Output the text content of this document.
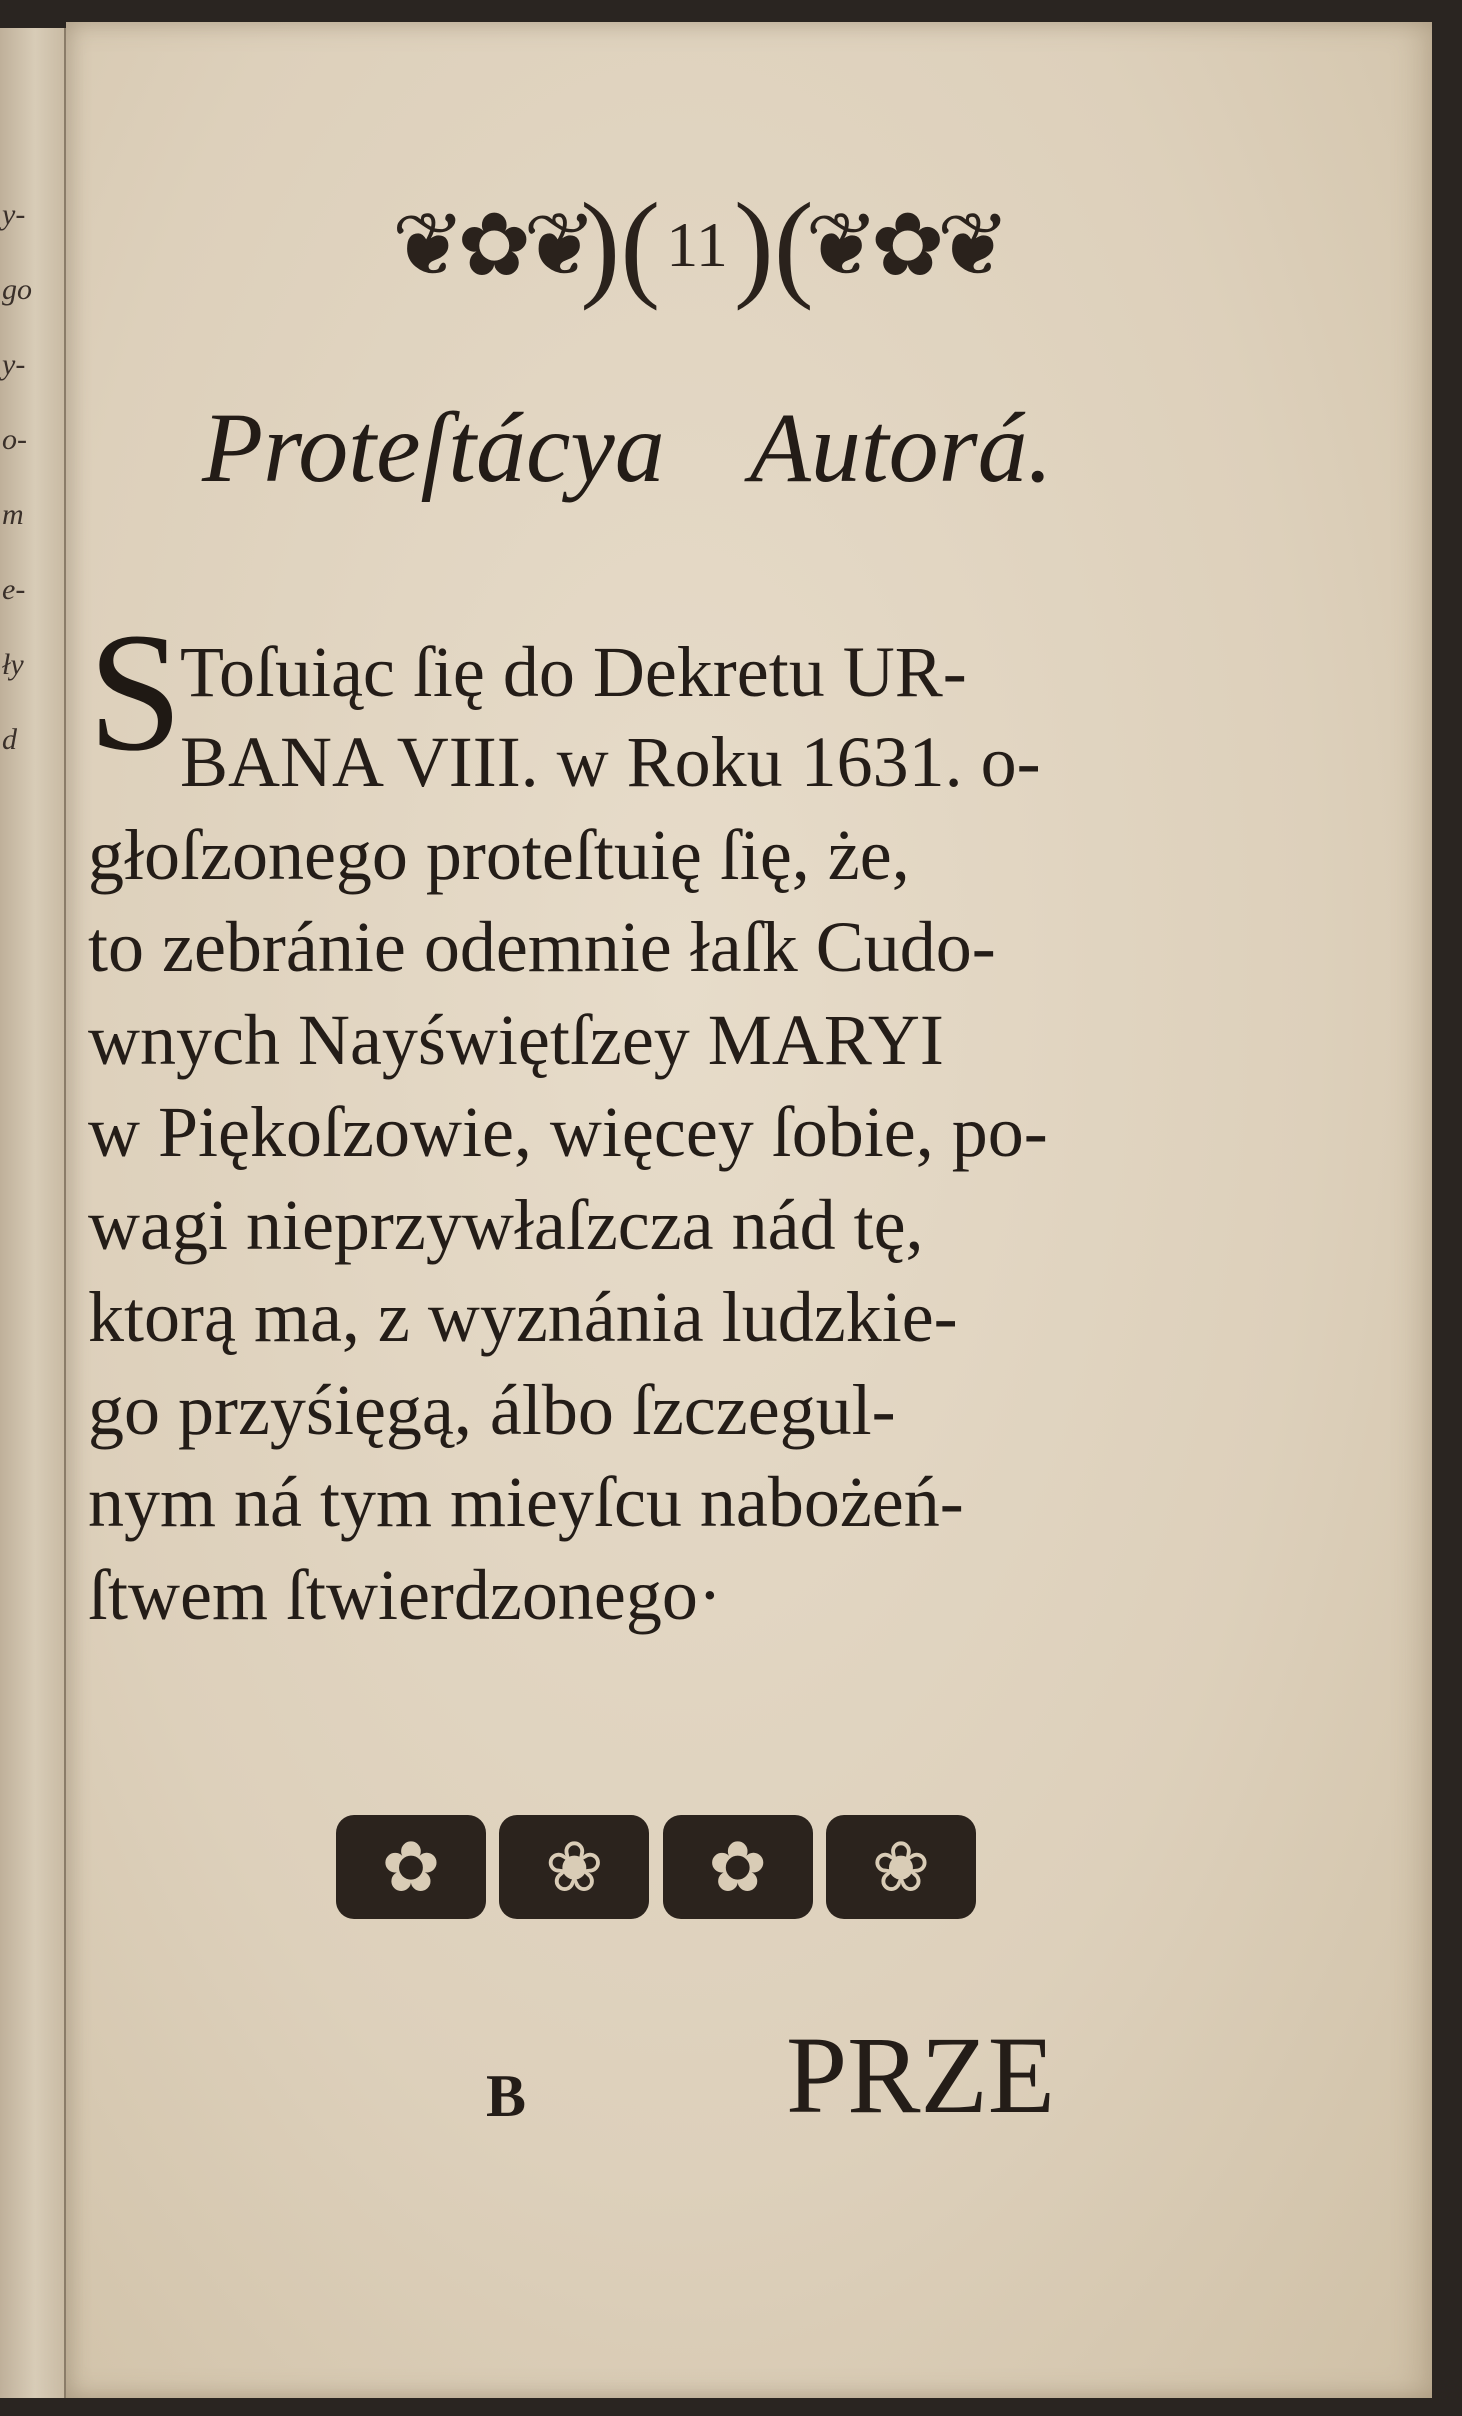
y-
go
y-
o-
m
e-
ły
d
❦✿❦
)( 11 )(
❦✿❦
Proteſtácya Autorá.
S
Toſuiąc ſię do Dekretu UR-
BANA VIII. w Roku 1631. o-
głoſzonego proteſtuię ſię, że,
to zebránie odemnie łaſk Cudo-
wnych Nayświętſzey MARYI
w Piękoſzowie, więcey ſobie, po-
wagi nieprzywłaſzcza nád tę,
ktorą ma, z wyznánia ludzkie-
go przyśięgą, álbo ſzczegul-
nym ná tym mieyſcu nabożeń-
ſtwem ſtwierdzonego·
✿	❀	✿	❀
B PRZE
